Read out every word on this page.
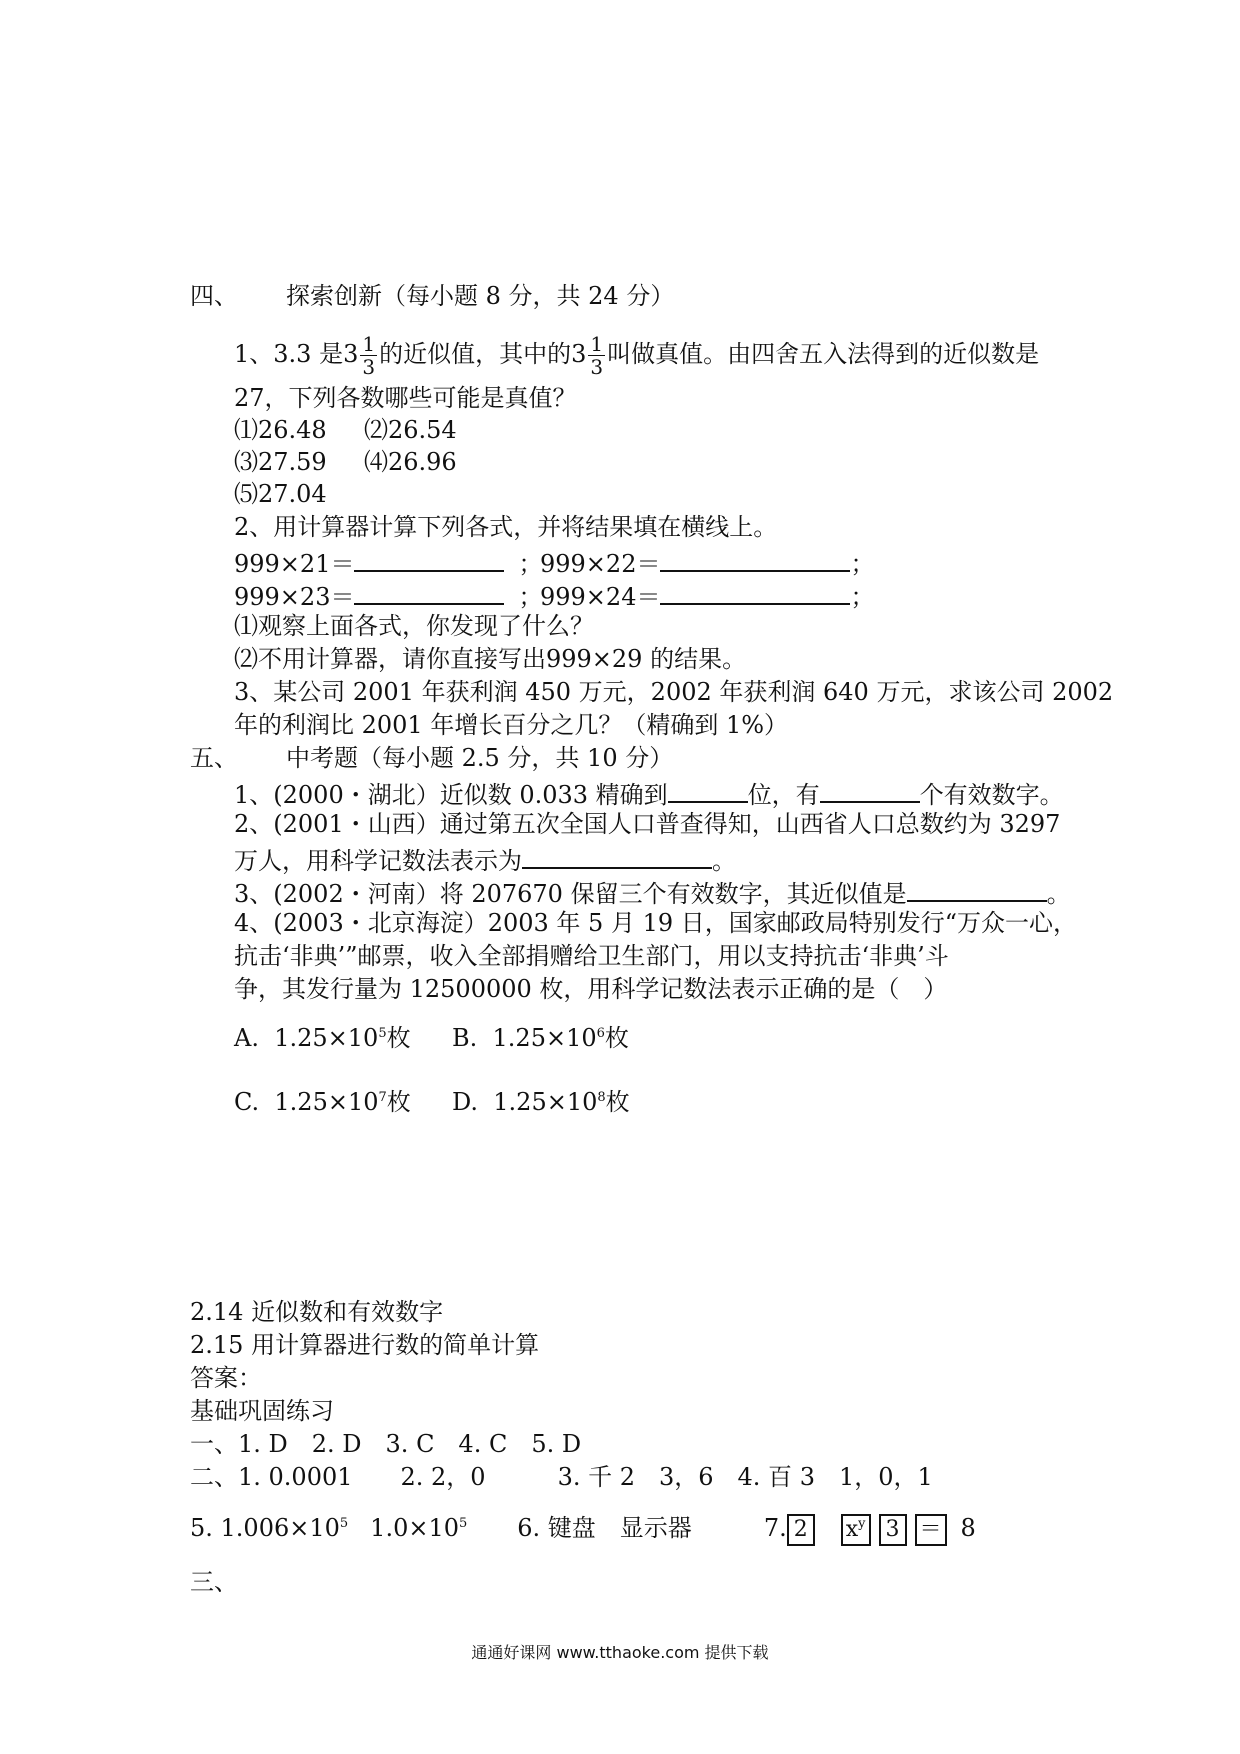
四、 探索创新（每小题 8 分，共 24 分）
1、3.3 是$3 \frac{1}{3}$ 的近似值，其中的$3 \frac{1}{3}$ 叫做真值。由四舍五入法得到的近似数是
27，下列各数哪些可能是真值？
⑴26.48 ⑵26.54
⑶27.59 ⑷26.96
⑸27.04
2、用计算器计算下列各式，并将结果填在横线上。
999×21＝	；
999×22＝	；
999×23＝	；
999×24＝	；
⑴观察上面各式，你发现了什么？
⑵不用计算器，请你直接写出999×29 的结果。
3、某公司 2001 年获利润 450 万元，2002 年获利润 640 万元，求该公司 2002
年的利润比 2001 年增长百分之几？（精确到 1%）
五、 中考题（每小题 2.5 分，共 10 分）
1、(2000・湖北）近似数 0.033 精确到	位，有	个有效数字。
2、(2001・山西）通过第五次全国人口普查得知，山西省人口总数约为 3297
万人，用科学记数法表示为	。
3、(2002・河南）将 207670 保留三个有效数字，其近似值是	。
4、(2003・北京海淀）2003 年 5 月 19 日，国家邮政局特别发行“万众一心，
抗击‘非典’”邮票，收入全部捐赠给卫生部门，用以支持抗击‘非典’斗
争，其发行量为 12500000 枚，用科学记数法表示正确的是（　）
A. $1.25\times 10^5$枚 B. $1.25\times 10^6$枚
C. $1.25\times 10^7$枚 D. $1.25\times 10^8$枚
2.14 近似数和有效数字
2.15 用计算器进行数的简单计算
答案：
基础巩固练习
一、1. D　2. D　3. C　4. C　5. D
二、1. 0.0001　　2. 2，0　　　3. 千 2　3，6　4. 百 3　1，0，1
5. $1.006\times 10^5$ $1.0\times 10^5$ 6. 键盘　显示器	7. 2 $x^y$ 3 ＝ 8
三、
通通好课网 www.tthaoke.com 提供下载
